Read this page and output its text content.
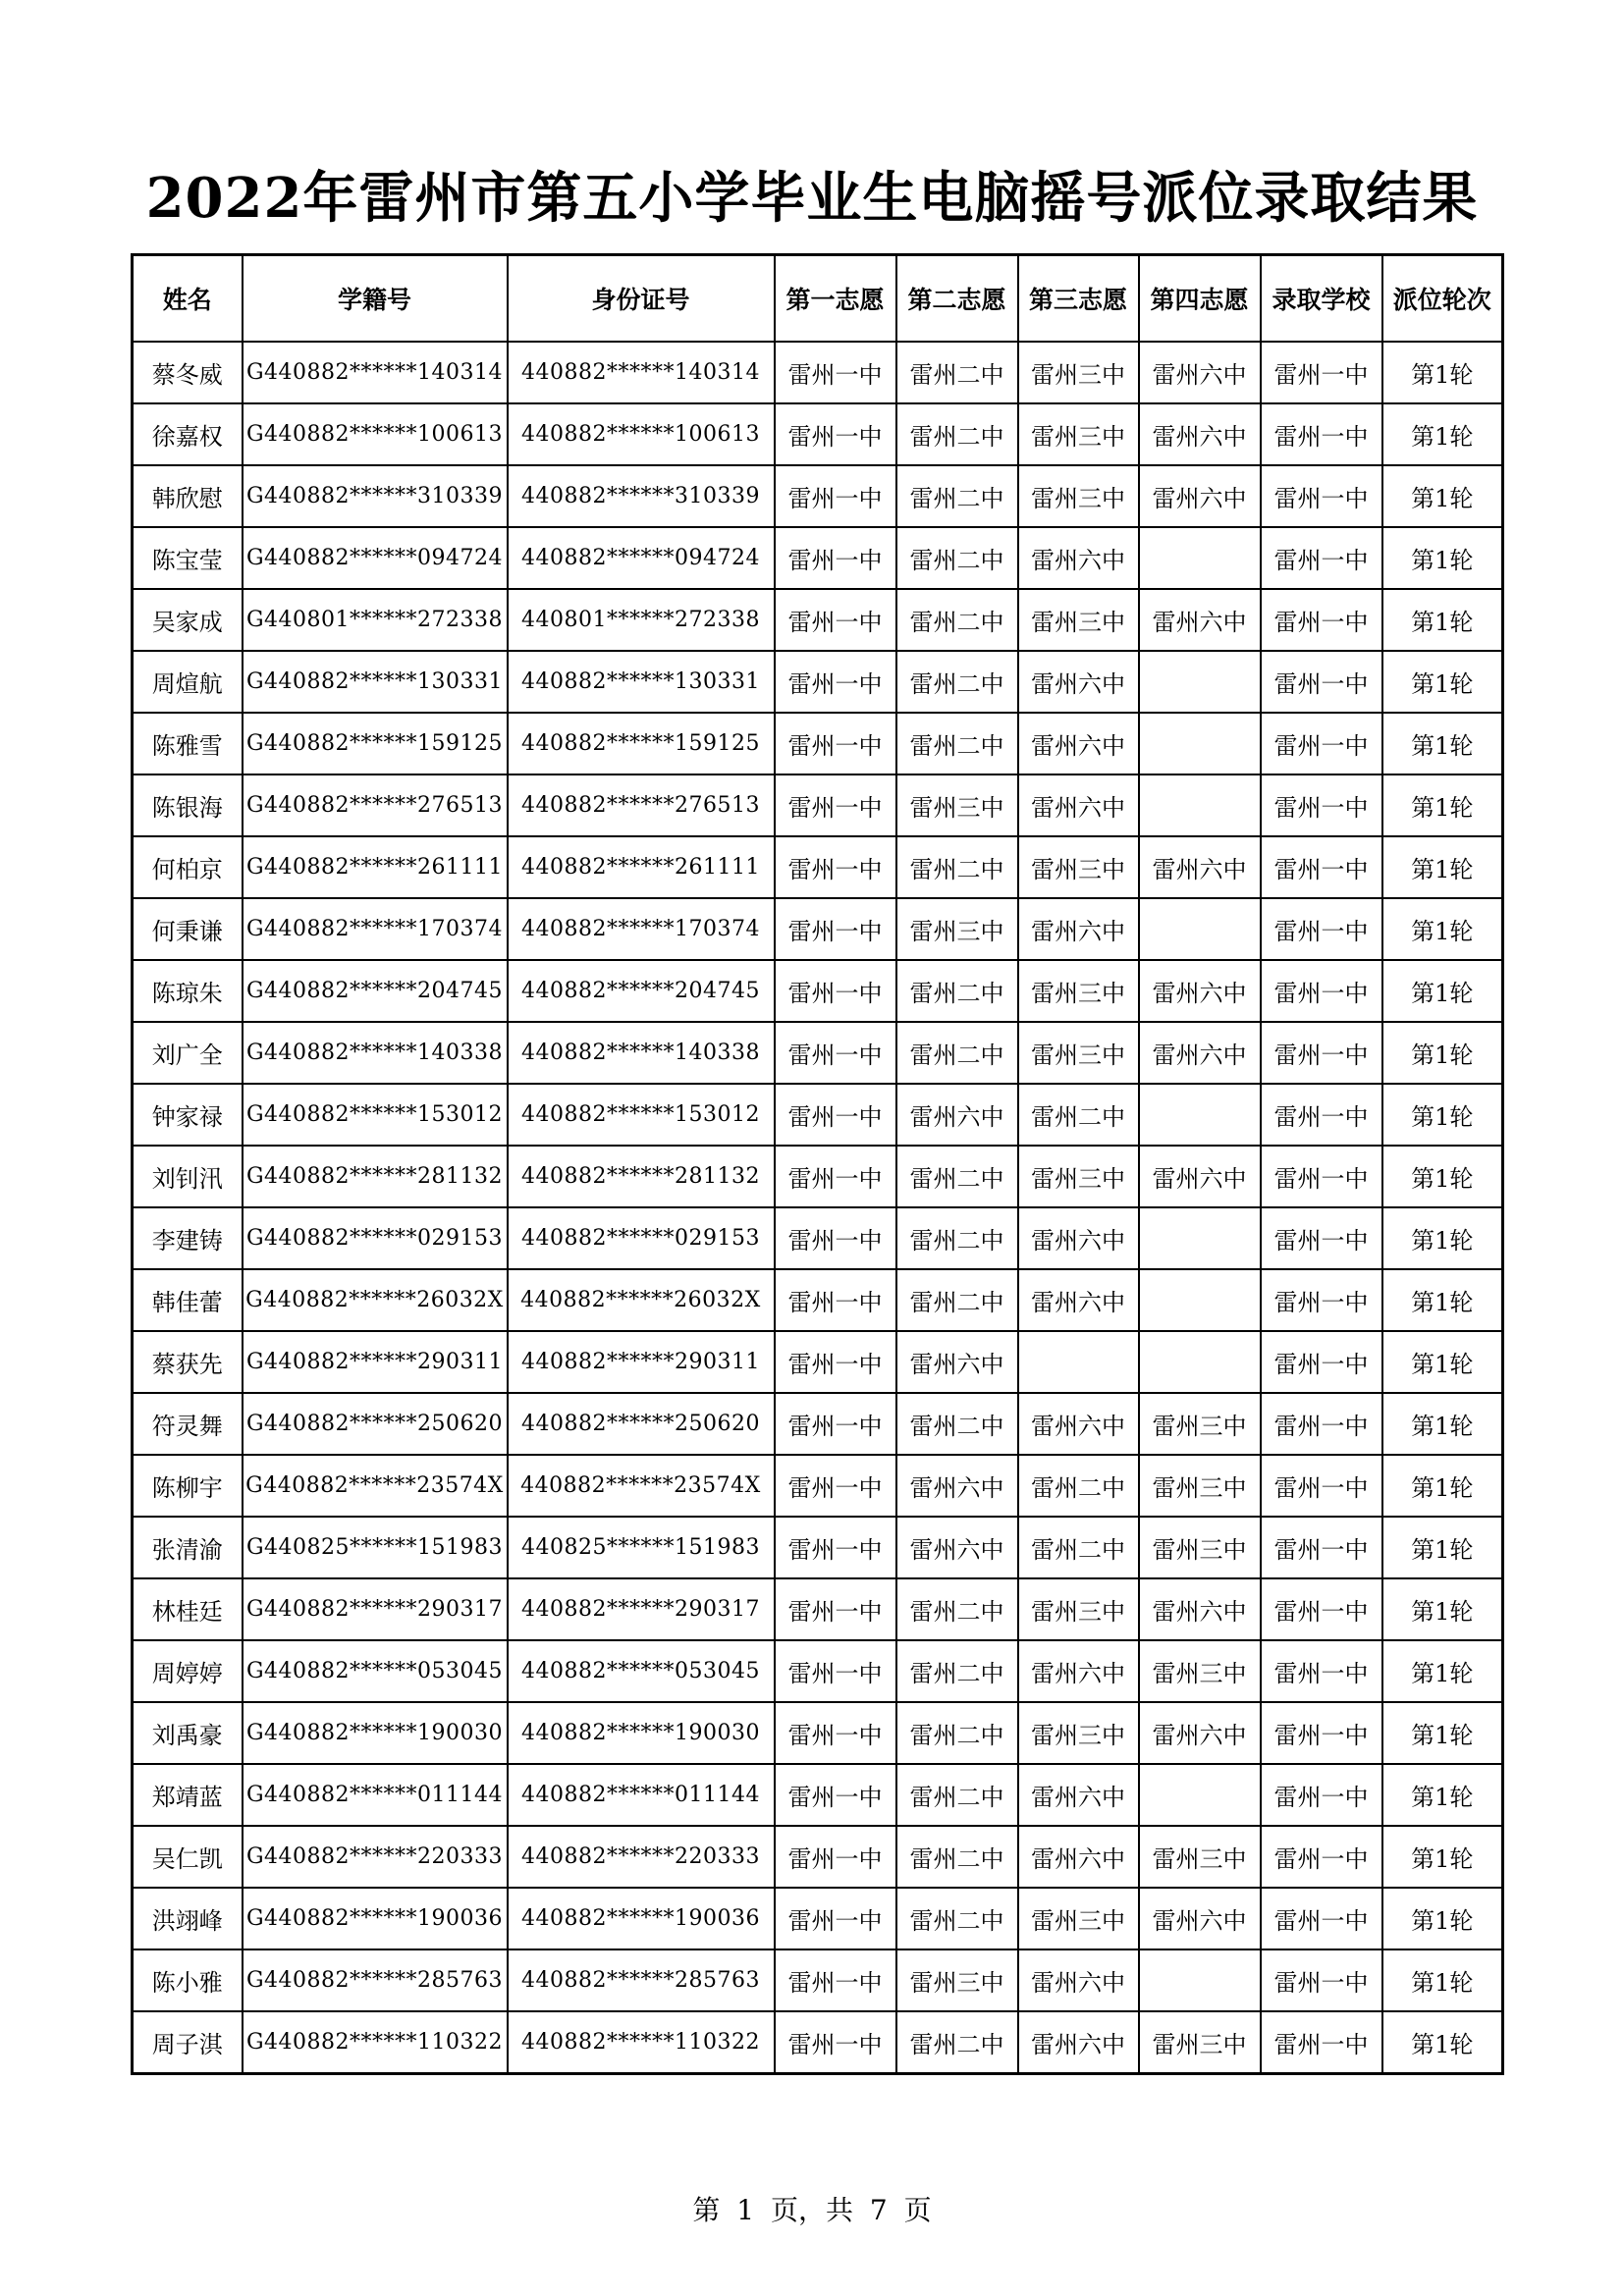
2022年雷州市第五小学毕业生电脑摇号派位录取结果
姓名	学籍号	身份证号	第一志愿	第二志愿	第三志愿	第四志愿	录取学校	派位轮次
蔡冬威	G440882******140314	440882******140314	雷州一中	雷州二中	雷州三中	雷州六中	雷州一中	第1轮
徐嘉权	G440882******100613	440882******100613	雷州一中	雷州二中	雷州三中	雷州六中	雷州一中	第1轮
韩欣慰	G440882******310339	440882******310339	雷州一中	雷州二中	雷州三中	雷州六中	雷州一中	第1轮
陈宝莹	G440882******094724	440882******094724	雷州一中	雷州二中	雷州六中		雷州一中	第1轮
吴家成	G440801******272338	440801******272338	雷州一中	雷州二中	雷州三中	雷州六中	雷州一中	第1轮
周煊航	G440882******130331	440882******130331	雷州一中	雷州二中	雷州六中		雷州一中	第1轮
陈雅雪	G440882******159125	440882******159125	雷州一中	雷州二中	雷州六中		雷州一中	第1轮
陈银海	G440882******276513	440882******276513	雷州一中	雷州三中	雷州六中		雷州一中	第1轮
何柏京	G440882******261111	440882******261111	雷州一中	雷州二中	雷州三中	雷州六中	雷州一中	第1轮
何秉谦	G440882******170374	440882******170374	雷州一中	雷州三中	雷州六中		雷州一中	第1轮
陈琼朱	G440882******204745	440882******204745	雷州一中	雷州二中	雷州三中	雷州六中	雷州一中	第1轮
刘广全	G440882******140338	440882******140338	雷州一中	雷州二中	雷州三中	雷州六中	雷州一中	第1轮
钟家禄	G440882******153012	440882******153012	雷州一中	雷州六中	雷州二中		雷州一中	第1轮
刘钊汛	G440882******281132	440882******281132	雷州一中	雷州二中	雷州三中	雷州六中	雷州一中	第1轮
李建铸	G440882******029153	440882******029153	雷州一中	雷州二中	雷州六中		雷州一中	第1轮
韩佳蕾	G440882******26032X	440882******26032X	雷州一中	雷州二中	雷州六中		雷州一中	第1轮
蔡获先	G440882******290311	440882******290311	雷州一中	雷州六中			雷州一中	第1轮
符灵舞	G440882******250620	440882******250620	雷州一中	雷州二中	雷州六中	雷州三中	雷州一中	第1轮
陈柳宇	G440882******23574X	440882******23574X	雷州一中	雷州六中	雷州二中	雷州三中	雷州一中	第1轮
张清渝	G440825******151983	440825******151983	雷州一中	雷州六中	雷州二中	雷州三中	雷州一中	第1轮
林桂廷	G440882******290317	440882******290317	雷州一中	雷州二中	雷州三中	雷州六中	雷州一中	第1轮
周婷婷	G440882******053045	440882******053045	雷州一中	雷州二中	雷州六中	雷州三中	雷州一中	第1轮
刘禹豪	G440882******190030	440882******190030	雷州一中	雷州二中	雷州三中	雷州六中	雷州一中	第1轮
郑靖蓝	G440882******011144	440882******011144	雷州一中	雷州二中	雷州六中		雷州一中	第1轮
吴仁凯	G440882******220333	440882******220333	雷州一中	雷州二中	雷州六中	雷州三中	雷州一中	第1轮
洪翊峰	G440882******190036	440882******190036	雷州一中	雷州二中	雷州三中	雷州六中	雷州一中	第1轮
陈小雅	G440882******285763	440882******285763	雷州一中	雷州三中	雷州六中		雷州一中	第1轮
周子淇	G440882******110322	440882******110322	雷州一中	雷州二中	雷州六中	雷州三中	雷州一中	第1轮
第 1 页，共 7 页
